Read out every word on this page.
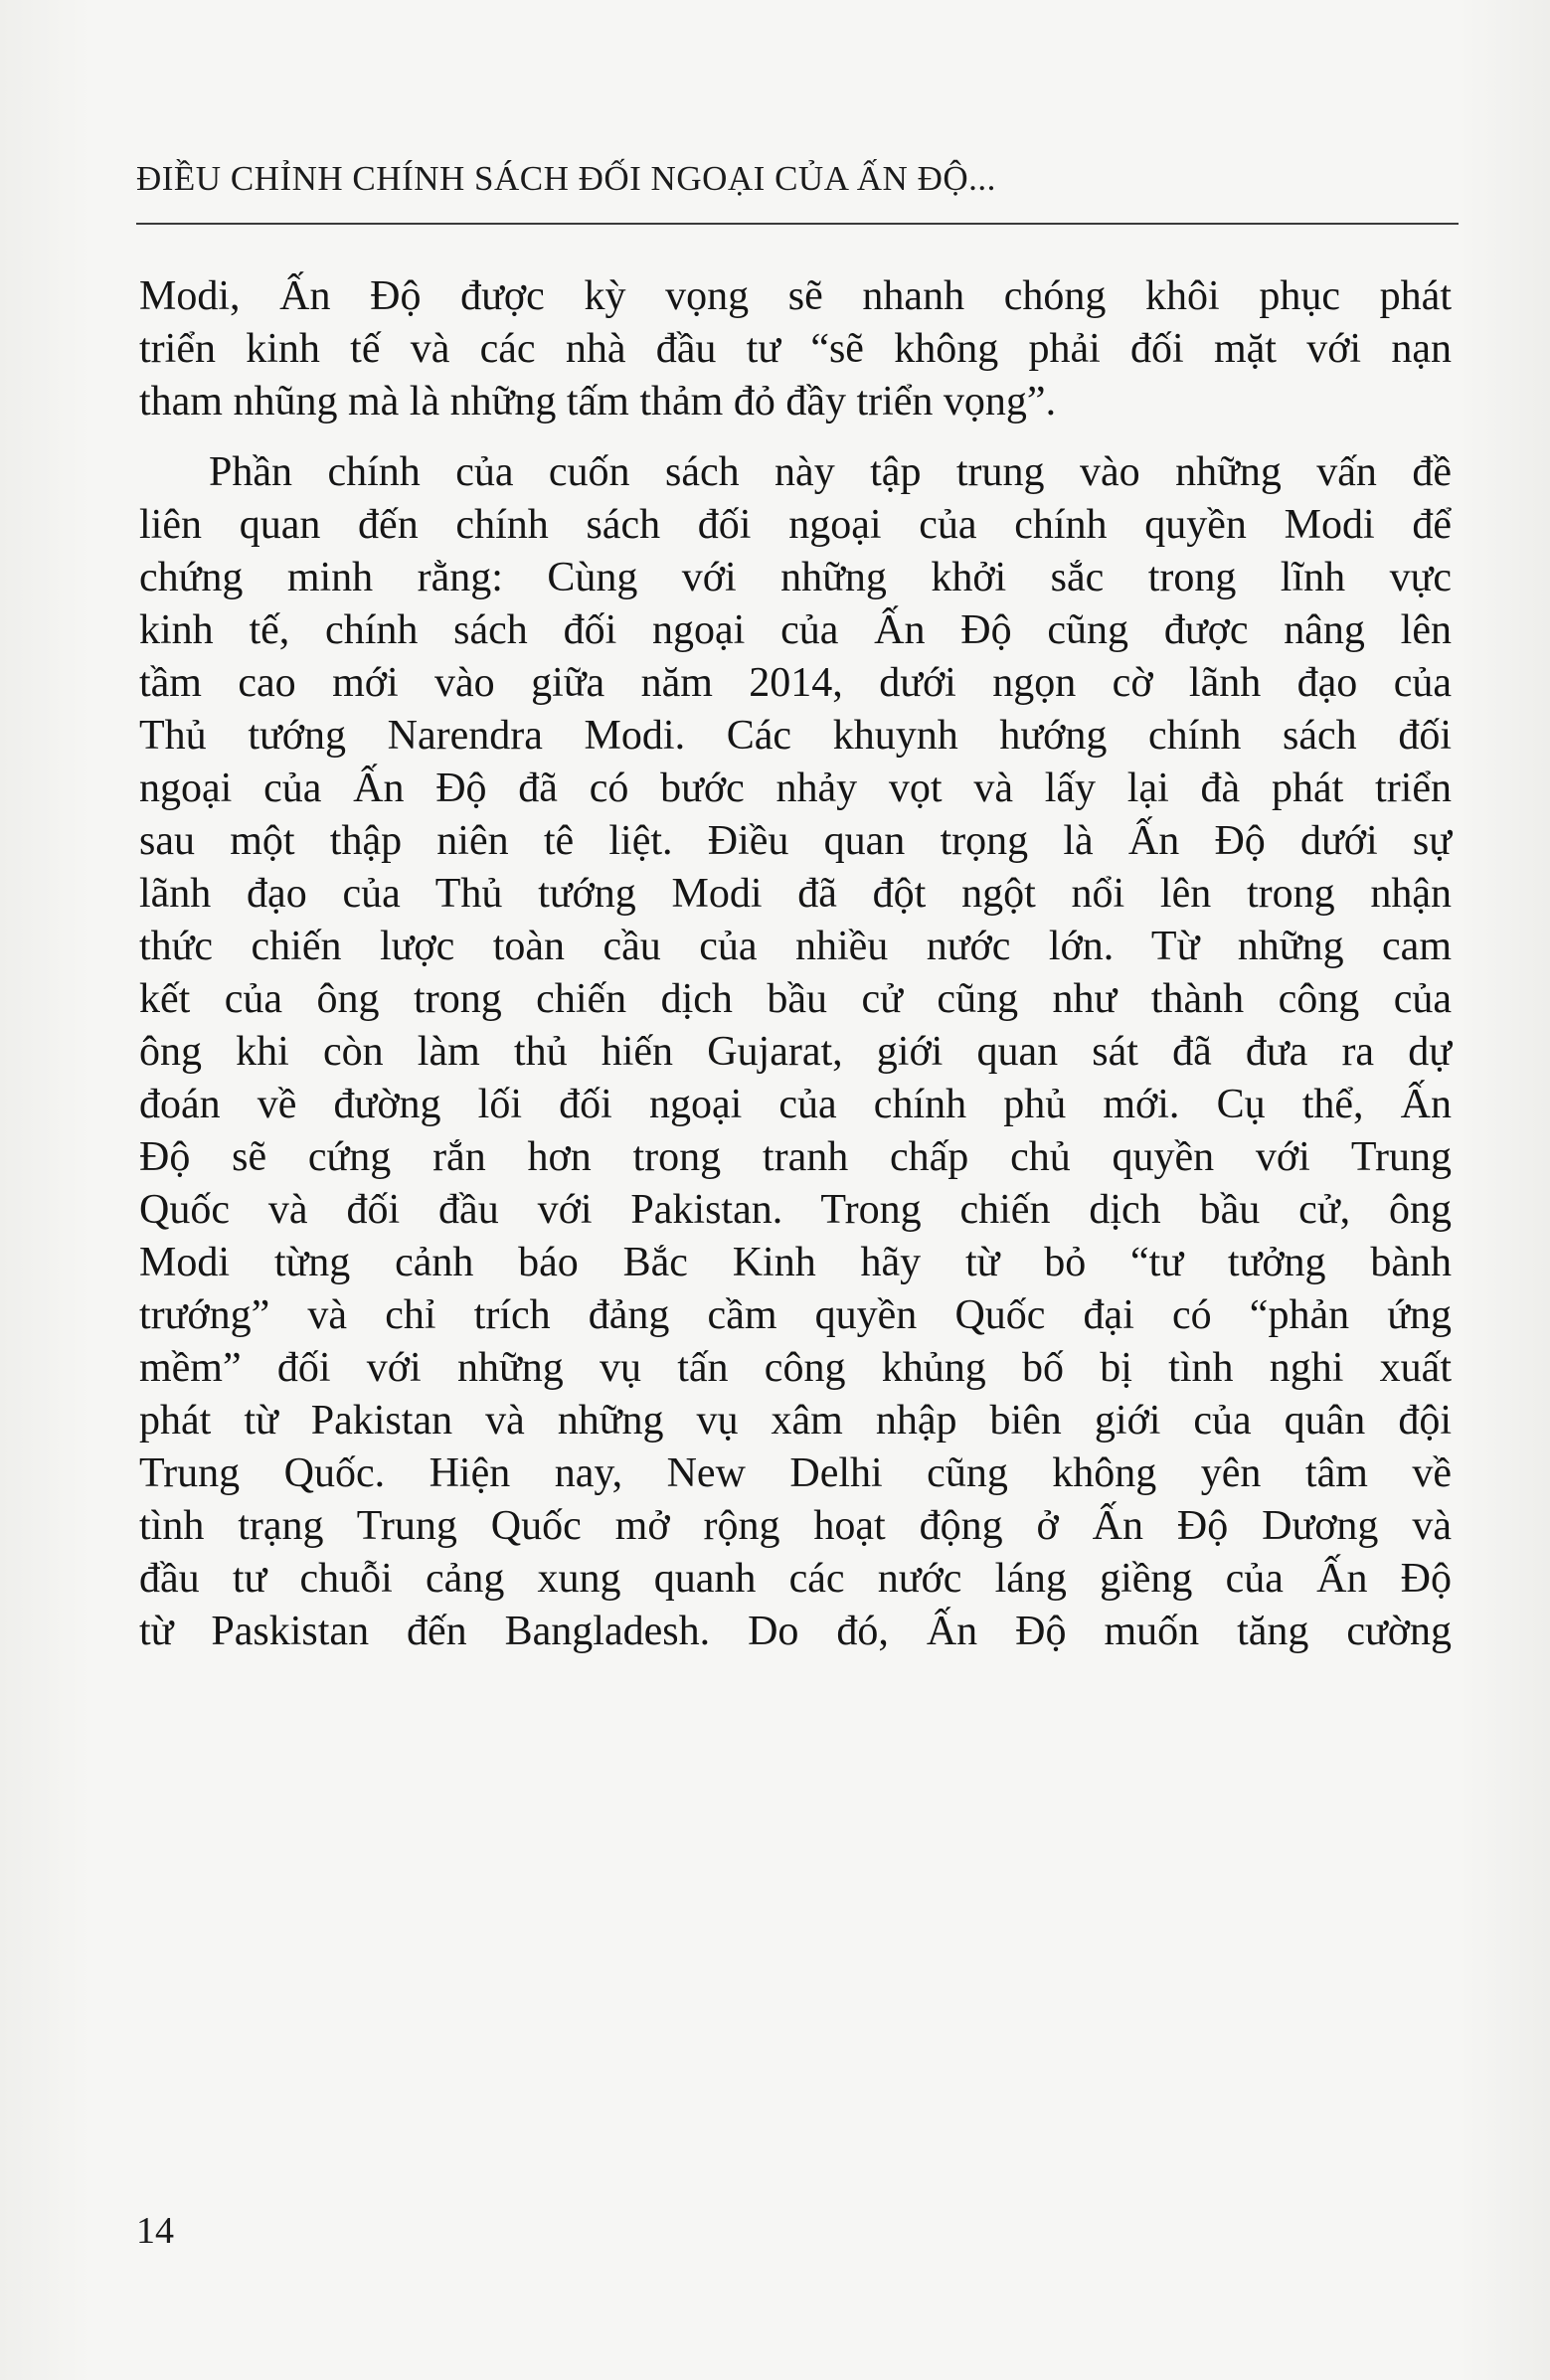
ĐIỀU CHỈNH CHÍNH SÁCH ĐỐI NGOẠI CỦA ẤN ĐỘ...
Modi, Ấn Độ được kỳ vọng sẽ nhanh chóng khôi phục phát
triển kinh tế và các nhà đầu tư “sẽ không phải đối mặt với nạn
tham nhũng mà là những tấm thảm đỏ đầy triển vọng”.
Phần chính của cuốn sách này tập trung vào những vấn đề
liên quan đến chính sách đối ngoại của chính quyền Modi để
chứng minh rằng: Cùng với những khởi sắc trong lĩnh vực
kinh tế, chính sách đối ngoại của Ấn Độ cũng được nâng lên
tầm cao mới vào giữa năm 2014, dưới ngọn cờ lãnh đạo của
Thủ tướng Narendra Modi. Các khuynh hướng chính sách đối
ngoại của Ấn Độ đã có bước nhảy vọt và lấy lại đà phát triển
sau một thập niên tê liệt. Điều quan trọng là Ấn Độ dưới sự
lãnh đạo của Thủ tướng Modi đã đột ngột nổi lên trong nhận
thức chiến lược toàn cầu của nhiều nước lớn. Từ những cam
kết của ông trong chiến dịch bầu cử cũng như thành công của
ông khi còn làm thủ hiến Gujarat, giới quan sát đã đưa ra dự
đoán về đường lối đối ngoại của chính phủ mới. Cụ thể, Ấn
Độ sẽ cứng rắn hơn trong tranh chấp chủ quyền với Trung
Quốc và đối đầu với Pakistan. Trong chiến dịch bầu cử, ông
Modi từng cảnh báo Bắc Kinh hãy từ bỏ “tư tưởng bành
trướng” và chỉ trích đảng cầm quyền Quốc đại có “phản ứng
mềm” đối với những vụ tấn công khủng bố bị tình nghi xuất
phát từ Pakistan và những vụ xâm nhập biên giới của quân đội
Trung Quốc. Hiện nay, New Delhi cũng không yên tâm về
tình trạng Trung Quốc mở rộng hoạt động ở Ấn Độ Dương và
đầu tư chuỗi cảng xung quanh các nước láng giềng của Ấn Độ
từ Paskistan đến Bangladesh. Do đó, Ấn Độ muốn tăng cường
14
